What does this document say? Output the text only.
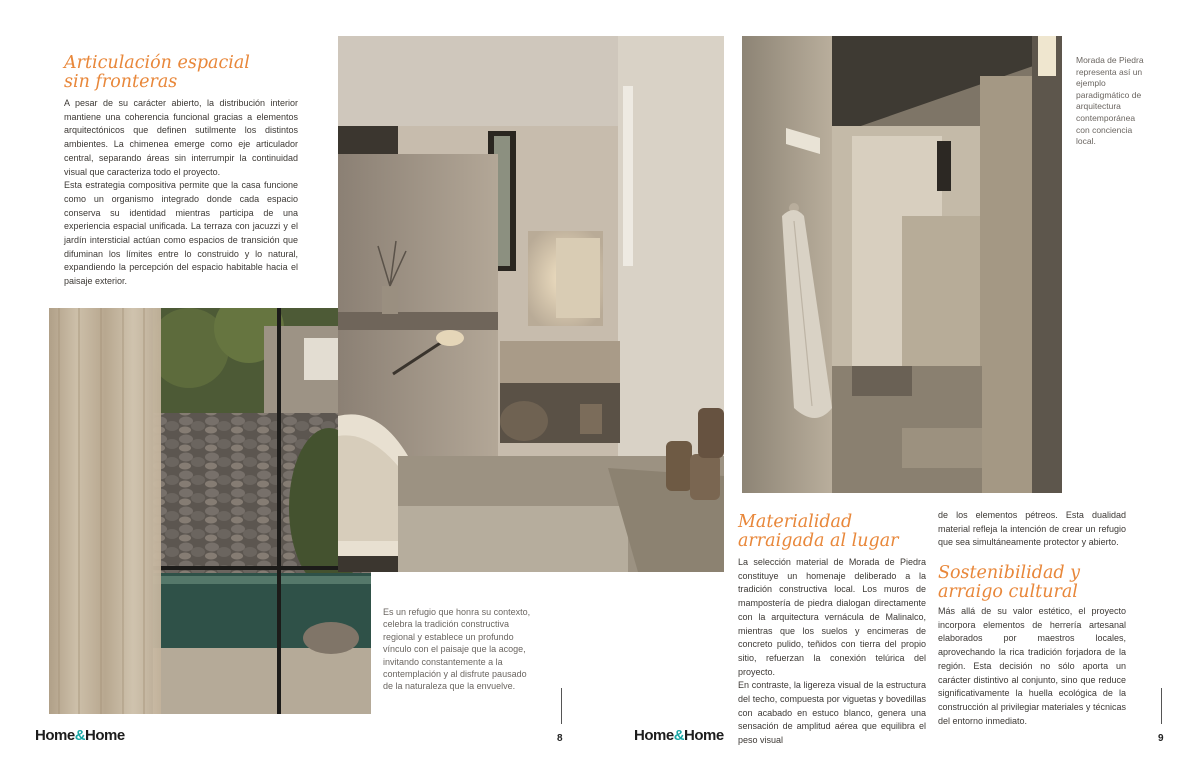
Articulación espacial sin fronteras

A pesar de su carácter abierto, la distribución interior mantiene una coherencia funcional gracias a elementos arquitectónicos que definen sutilmente los distintos ambientes. La chimenea emerge como eje articulador central, separando áreas sin interrumpir la continuidad visual que caracteriza todo el proyecto.

Esta estrategia compositiva permite que la casa funcione como un organismo integrado donde cada espacio conserva su identidad mientras participa de una experiencia espacial unificada. La terraza con jacuzzi y el jardín intersticial actúan como espacios de transición que difuminan los límites entre lo construido y lo natural, expandiendo la percepción del espacio habitable hacia el paisaje exterior.

Es un refugio que honra su contexto, celebra la tradición constructiva regional y establece un profundo vínculo con el paisaje que la acoge, invitando constantemente a la contemplación y al disfrute pausado de la naturaleza que la envuelve.
Home&Home	8
Morada de Piedra representa así un ejemplo paradigmático de arquitectura contemporánea con conciencia local.
Materialidad arraigada al lugar

La selección material de Morada de Piedra constituye un homenaje deliberado a la tradición constructiva local. Los muros de mampostería de piedra dialogan directamente con la arquitectura vernácula de Malinalco, mientras que los suelos y encimeras de concreto pulido, teñidos con tierra del propio sitio, refuerzan la conexión telúrica del proyecto.

En contraste, la ligereza visual de la estructura del techo, compuesta por viguetas y bovedillas con acabado en estuco blanco, genera una sensación de amplitud aérea que equilibra el peso visual

de los elementos pétreos. Esta dualidad material refleja la intención de crear un refugio que sea simultáneamente protector y abierto.
Sostenibilidad y arraigo cultural
Más allá de su valor estético, el proyecto incorpora elementos de herrería artesanal elaborados por maestros locales, aprovechando la rica tradición forjadora de la región. Esta decisión no sólo aporta un carácter distintivo al conjunto, sino que reduce significativamente la huella ecológica de la construcción al privilegiar materiales y técnicas del entorno inmediato.
Home&Home	9
